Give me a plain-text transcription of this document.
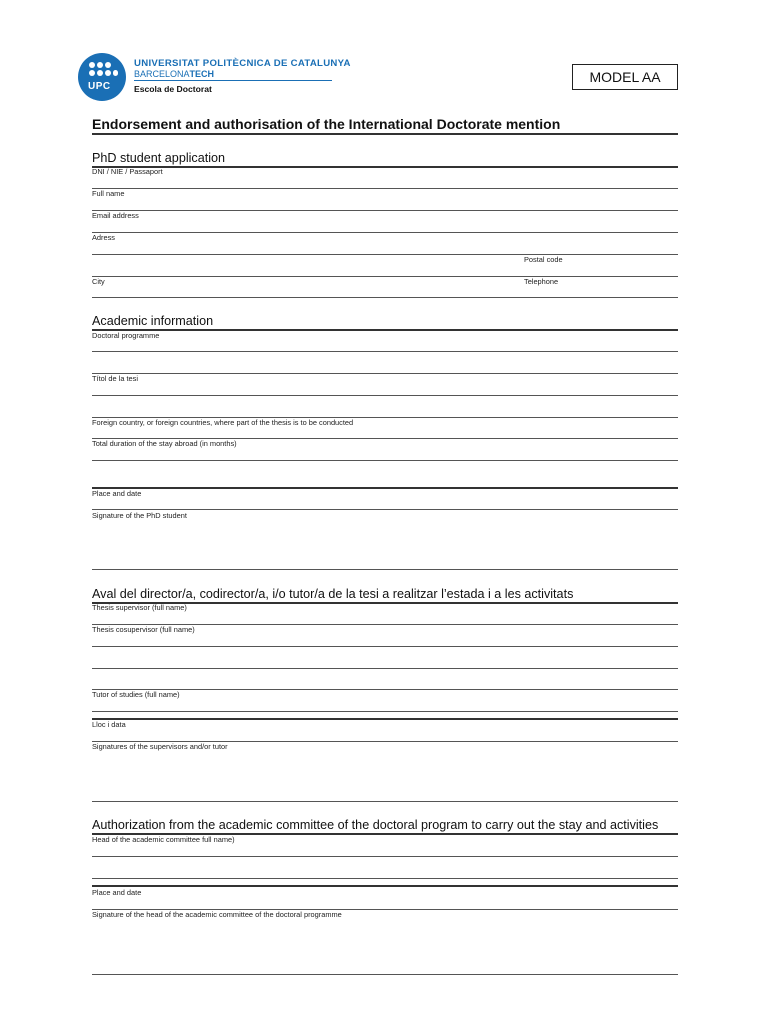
UPC
UNIVERSITAT POLITÈCNICA DE CATALUNYA
BARCELONATECH
Escola de Doctorat
MODEL AA
Endorsement and authorisation of the International Doctorate mention
PhD student application
DNI / NIE / Passaport
Full name
Email address
Adress
Postal code
City	Telephone
Academic information
Doctoral programme
Títol de la tesi
Foreign country, or foreign countries, where part of the thesis is to be conducted
Total duration of the stay abroad (in months)
Place and date
Signature of the PhD student
Aval del director/a, codirector/a, i/o tutor/a de la tesi a realitzar l’estada i a les activitats
Thesis supervisor (full name)
Thesis cosupervisor (full name)
Tutor of studies (full name)
Lloc i data
Signatures of the supervisors and/or tutor
Authorization from the academic committee of the doctoral program to carry out the stay and activities
Head of the academic committee full name)
Place and date
Signature of the head of the academic committee of the doctoral programme
